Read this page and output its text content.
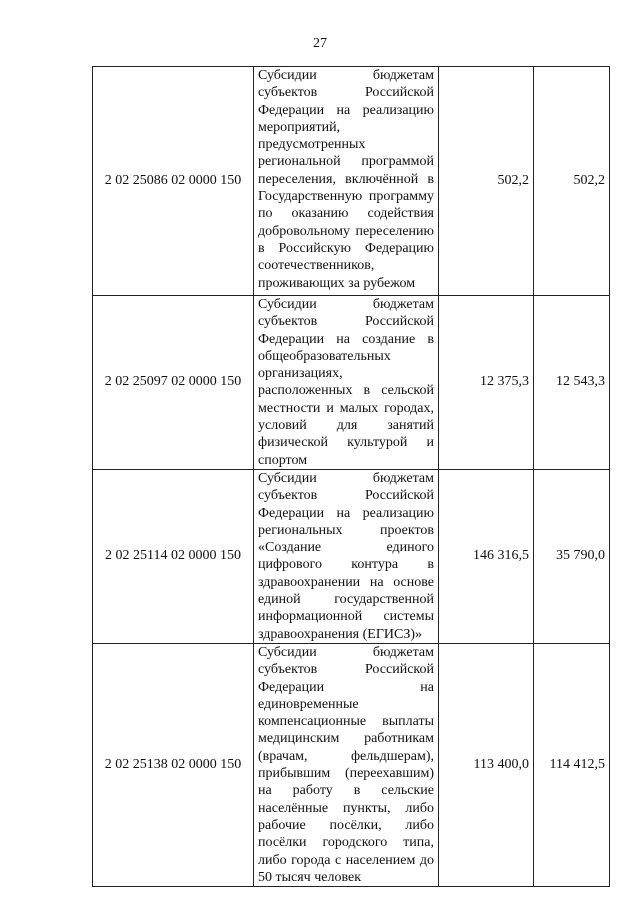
27
2 02 25086 02 0000 150	Субсидии бюджетам субъектов Российской Федерации на реализацию мероприятий, предусмотренных региональной программой переселения, включённой в Государственную программу по оказанию содействия добровольному переселению в Российскую Федерацию соотечественников, проживающих за рубежом	502,2	502,2
2 02 25097 02 0000 150	Субсидии бюджетам субъектов Российской Федерации на создание в общеобразовательных организациях, расположенных в сельской местности и малых городах, условий для занятий физической культурой и спортом	12 375,3	12 543,3
2 02 25114 02 0000 150	Субсидии бюджетам субъектов Российской Федерации на реализацию региональных проектов «Создание единого цифрового контура в здравоохранении на основе единой государственной информационной системы здравоохранения (ЕГИСЗ)»	146 316,5	35 790,0
2 02 25138 02 0000 150	Субсидии бюджетам субъектов Российской Федерации на единовременные компенсационные выплаты медицинским работникам (врачам, фельдшерам), прибывшим (переехавшим) на работу в сельские населённые пункты, либо рабочие посёлки, либо посёлки городского типа, либо города с населением до 50 тысяч человек	113 400,0	114 412,5
